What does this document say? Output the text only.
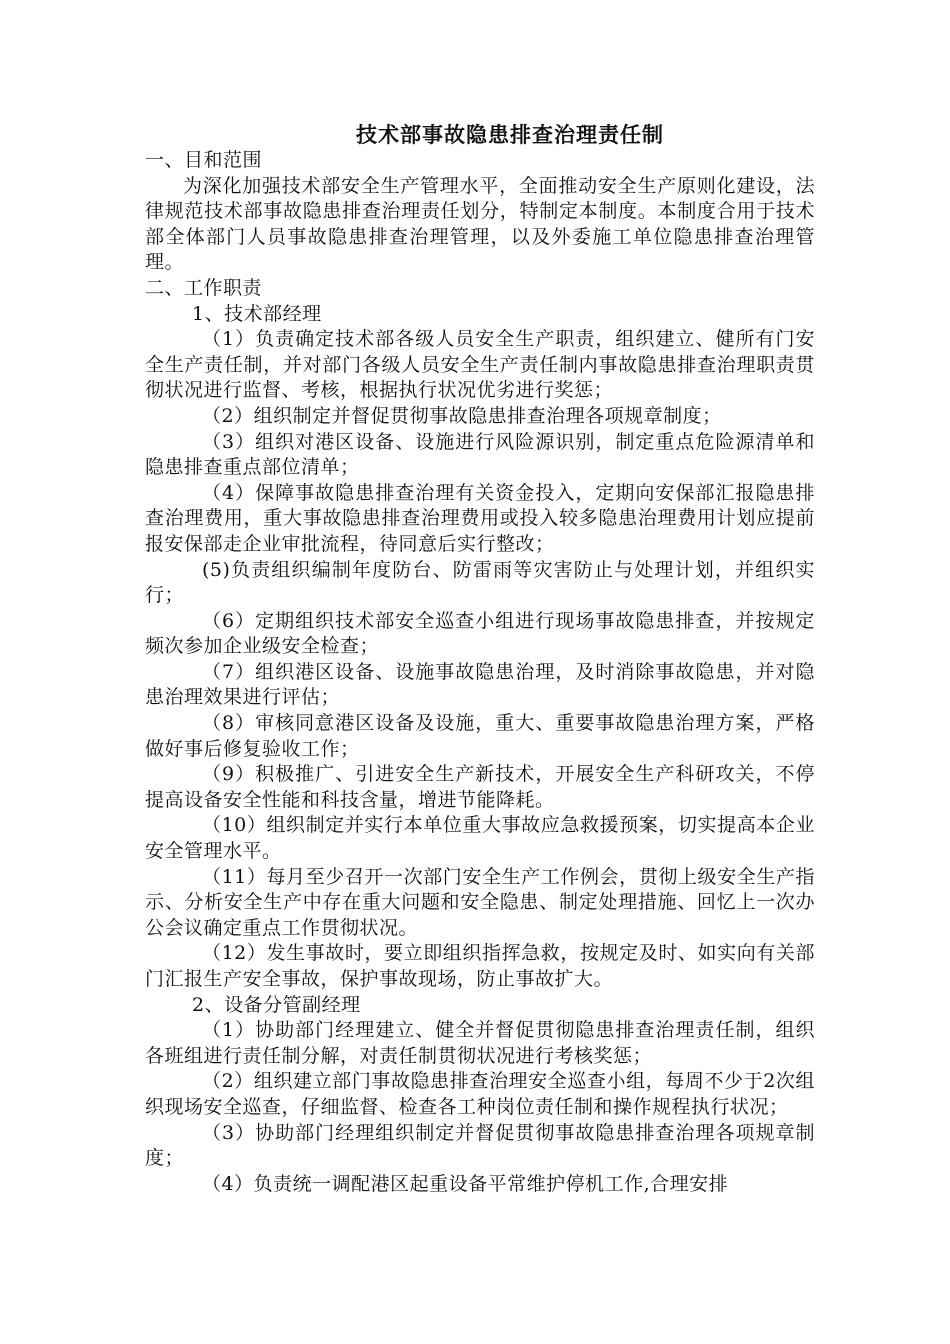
技术部事故隐患排查治理责任制

一、目和范围

为深化加强技术部安全生产管理水平，全面推动安全生产原则化建设，法律规范技术部事故隐患排查治理责任划分，特制定本制度。本制度合用于技术部全体部门人员事故隐患排查治理管理，以及外委施工单位隐患排查治理管理。

二、工作职责

1、技术部经理

（1）负责确定技术部各级人员安全生产职责，组织建立、健所有门安全生产责任制，并对部门各级人员安全生产责任制内事故隐患排查治理职责贯彻状况进行监督、考核，根据执行状况优劣进行奖惩；

（2）组织制定并督促贯彻事故隐患排查治理各项规章制度；

（3）组织对港区设备、设施进行风险源识别，制定重点危险源清单和隐患排查重点部位清单；

（4）保障事故隐患排查治理有关资金投入，定期向安保部汇报隐患排查治理费用，重大事故隐患排查治理费用或投入较多隐患治理费用计划应提前报安保部走企业审批流程，待同意后实行整改；

(5)负责组织编制年度防台、防雷雨等灾害防止与处理计划，并组织实行；

（6）定期组织技术部安全巡查小组进行现场事故隐患排查，并按规定频次参加企业级安全检查；

（7）组织港区设备、设施事故隐患治理，及时消除事故隐患，并对隐患治理效果进行评估；

（8）审核同意港区设备及设施，重大、重要事故隐患治理方案，严格做好事后修复验收工作；

（9）积极推广、引进安全生产新技术，开展安全生产科研攻关，不停提高设备安全性能和科技含量，增进节能降耗。

（10）组织制定并实行本单位重大事故应急救援预案，切实提高本企业安全管理水平。

（11）每月至少召开一次部门安全生产工作例会，贯彻上级安全生产指示、分析安全生产中存在重大问题和安全隐患、制定处理措施、回忆上一次办公会议确定重点工作贯彻状况。

（12）发生事故时，要立即组织指挥急救，按规定及时、如实向有关部门汇报生产安全事故，保护事故现场，防止事故扩大。

2、设备分管副经理

（1）协助部门经理建立、健全并督促贯彻隐患排查治理责任制，组织各班组进行责任制分解，对责任制贯彻状况进行考核奖惩；

（2）组织建立部门事故隐患排查治理安全巡查小组，每周不少于2次组织现场安全巡查，仔细监督、检查各工种岗位责任制和操作规程执行状况；

（3）协助部门经理组织制定并督促贯彻事故隐患排查治理各项规章制度；

（4）负责统一调配港区起重设备平常维护停机工作,合理安排
